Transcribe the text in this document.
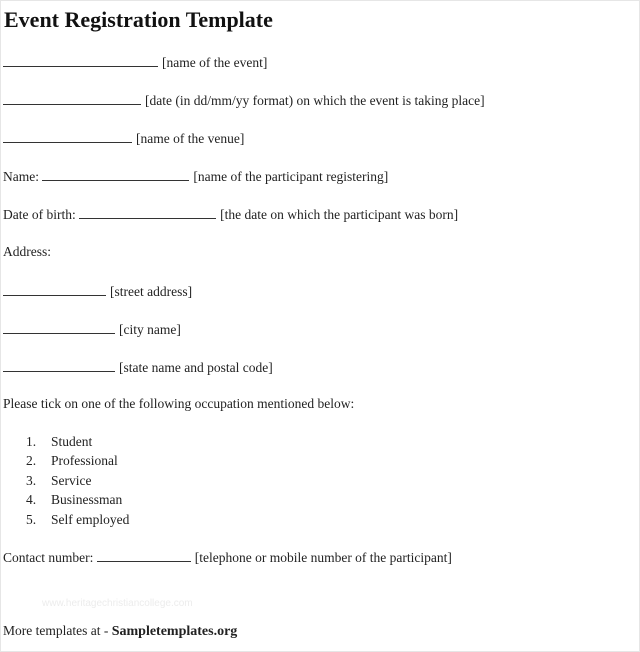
Event Registration Template
[name of the event]
[date (in dd/mm/yy format) on which the event is taking place]
[name of the venue]
Name:	[name of the participant registering]
Date of birth:	[the date on which the participant was born]
Address:
[street address]
[city name]
[state name and postal code]
Please tick on one of the following occupation mentioned below:
1. Student
2. Professional
3. Service
4. Businessman
5. Self employed
Contact number:	[telephone or mobile number of the participant]
www.heritagechristiancollege.com
More templates at - Sampletemplates.org
